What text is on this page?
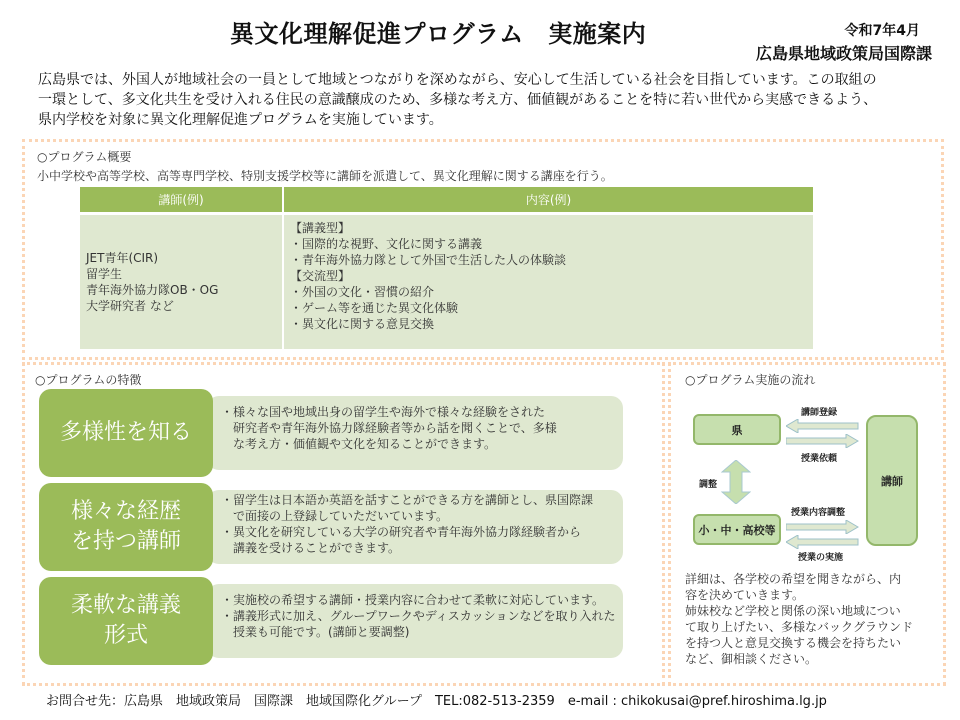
異文化理解促進プログラム　実施案内	令和7年4月
広島県地域政策局国際課

広島県では、外国人が地域社会の一員として地域とつながりを深めながら、安心して生活している社会を目指しています。この取組の

一環として、多文化共生を受け入れる住民の意識醸成のため、多様な考え方、価値観があることを特に若い世代から実感できるよう、

県内学校を対象に異文化理解促進プログラムを実施しています。

○プログラム概要
小中学校や高等学校、高等専門学校、特別支援学校等に講師を派遣して、異文化理解に関する講座を行う。
講師(例)	内容(例)
JET青年(CIR)
留学生
青年海外協力隊OB・OG
大学研究者 など
【講義型】
・国際的な視野、文化に関する講義
・青年海外協力隊として外国で生活した人の体験談
【交流型】
・外国の文化・習慣の紹介
・ゲーム等を通じた異文化体験
・異文化に関する意見交換
○プログラムの特徴
多様性を知る

・様々な国や地域出身の留学生や海外で様々な経験をされた

　研究者や青年海外協力隊経験者等から話を聞くことで、多様

　な考え方・価値観や文化を知ることができます。

様々な経歴
を持つ講師

・留学生は日本語か英語を話すことができる方を講師とし、県国際課

　で面接の上登録していただいています。

・異文化を研究している大学の研究者や青年海外協力隊経験者から

　講義を受けることができます。

柔軟な講義
形式

・実施校の希望する講師・授業内容に合わせて柔軟に対応しています。

・講義形式に加え、グループワークやディスカッションなどを取り入れた

　授業も可能です。(講師と要調整)

○プログラム実施の流れ
県
小・中・高校等
講師
講師登録
授業依頼
調整
授業内容調整
授業の実施
詳細は、各学校の希望を聞きながら、内
容を決めていきます。
姉妹校など学校と関係の深い地域につい
て取り上げたい、多様なバックグラウンド
を持つ人と意見交換する機会を持ちたい
など、御相談ください。
お問合せ先：広島県　地域政策局　国際課　地域国際化グループ　TEL:082-513-2359　e-mail : chikokusai@pref.hiroshima.lg.jp
